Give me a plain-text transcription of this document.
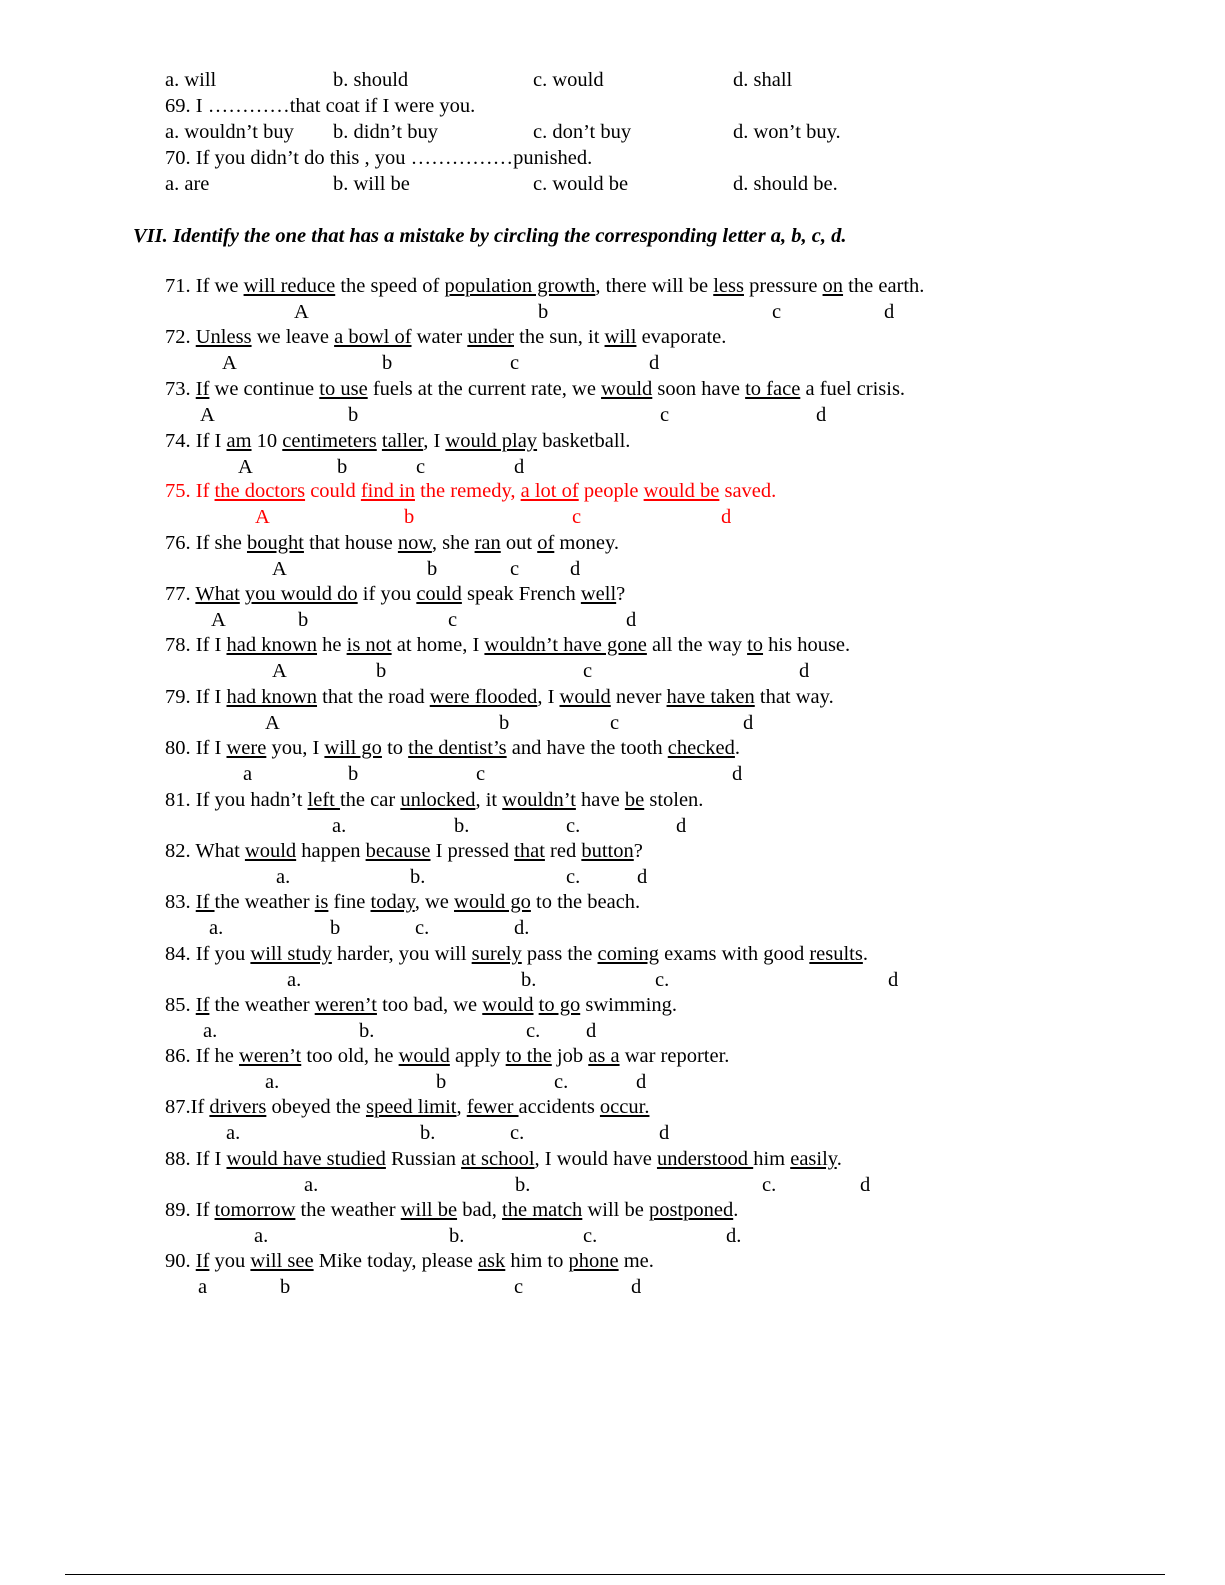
a. will	b. should	c. would	d. shall
69. I …………that coat if I were you.
a. wouldn’t buy b. didn’t buy	c. don’t buy	d. won’t buy.
70. If you didn’t do this , you ……………punished.
a. are	b. will be	c. would be	d. should be.
VII. Identify the one that has a mistake by circling the corresponding letter a, b, c, d.
71. If we will reduce the speed of population growth, there will be less pressure on the earth.
A	b	c	d
72. Unless we leave a bowl of water under the sun, it will evaporate.
A	b	c	d
73. If we continue to use fuels at the current rate, we would soon have to face a fuel crisis.
A	b	c	d
74. If I am 10 centimeters taller, I would play basketball.
A	b	c	d
75. If the doctors could find in the remedy, a lot of people would be saved.
A	b	c	d
76. If she bought that house now, she ran out of money.
A	b	c d
77. What you would do if you could speak French well?
A	b	c	d
78. If I had known he is not at home, I wouldn’t have gone all the way to his house.
A	b	c	d
79. If I had known that the road were flooded, I would never have taken that way.
A	b	c	d
80. If I were you, I will go to the dentist’s and have the tooth checked.
a	b	c	d
81. If you hadn’t left the car unlocked, it wouldn’t have be stolen.
a.	b.	c.	d
82. What would happen because I pressed that red button?
a.	b.	c.	d
83. If the weather is fine today, we would go to the beach.
a.	b	c.	d.
84. If you will study harder, you will surely pass the coming exams with good results.
a.	b.	c.	d
85. If the weather weren’t too bad, we would to go swimming.
a.	b.	c. d
86. If he weren’t too old, he would apply to the job as a war reporter.
a.	b	c.	d
87.If drivers obeyed the speed limit, fewer accidents occur.
a.	b.	c.	d
88. If I would have studied Russian at school, I would have understood him easily.
a.	b.	c.	d
89. If tomorrow the weather will be bad, the match will be postponed.
a.	b.	c.	d.
90. If you will see Mike today, please ask him to phone me.
a	b	c	d
